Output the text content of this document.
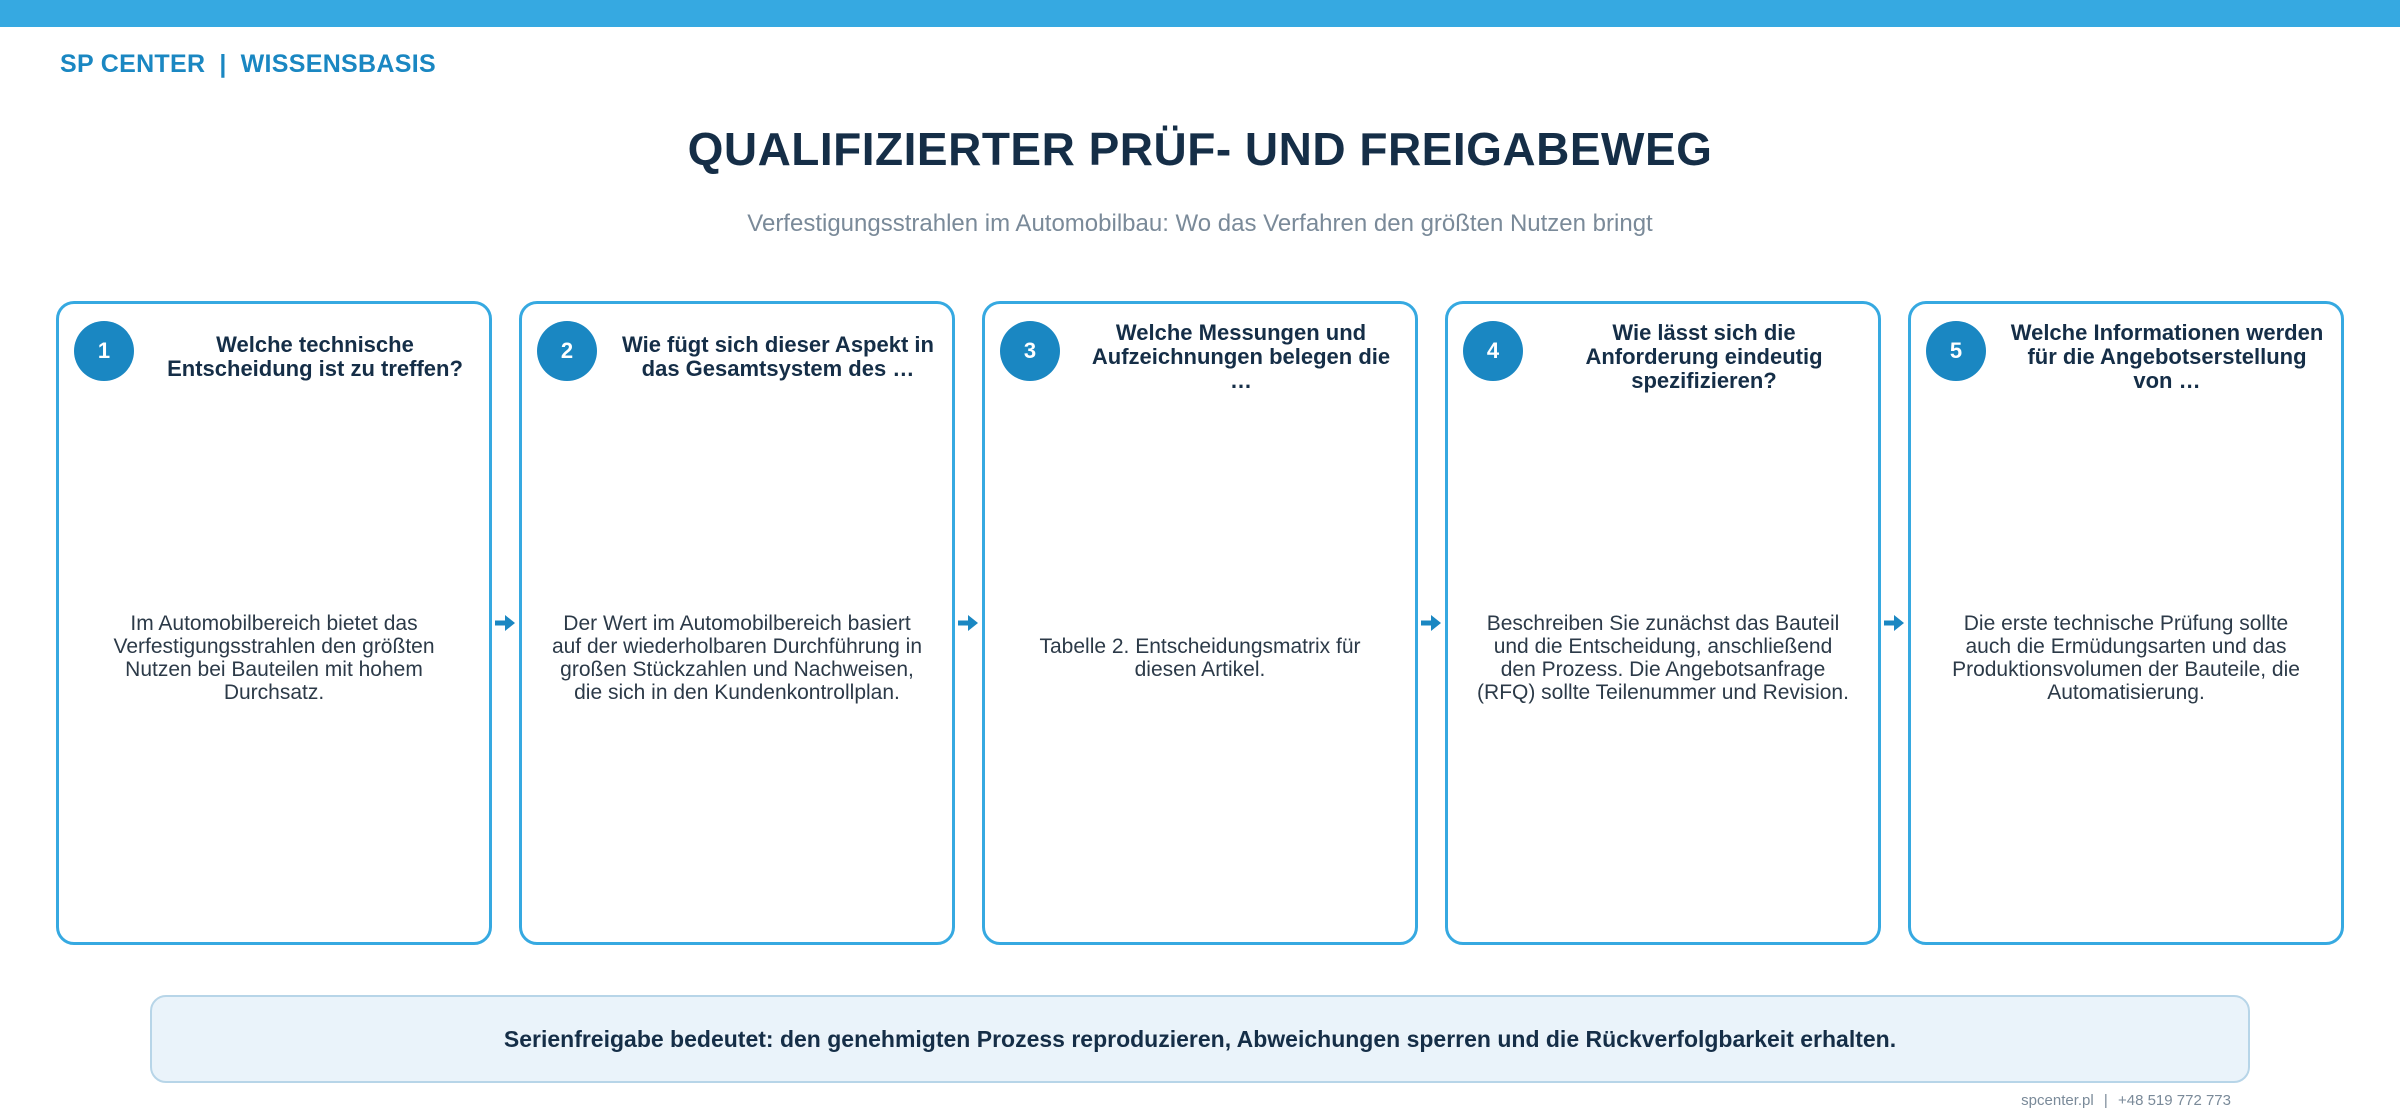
SP CENTER | WISSENSBASIS
QUALIFIZIERTER PRÜF- UND FREIGABEWEG
Verfestigungsstrahlen im Automobilbau: Wo das Verfahren den größten Nutzen bringt
1	Welche technische Entscheidung ist zu treffen?
Im Automobilbereich bietet das Verfestigungsstrahlen den größten Nutzen bei Bauteilen mit hohem Durchsatz.
2	Wie fügt sich dieser Aspekt in das Gesamtsystem des …
Der Wert im Automobilbereich basiert auf der wiederholbaren Durchführung in großen Stückzahlen und Nachweisen, die sich in den Kundenkontrollplan.
3
Welche Messungen und Aufzeichnungen belegen die …
Tabelle 2. Entscheidungsmatrix für diesen Artikel.
4
Wie lässt sich die Anforderung eindeutig spezifizieren?
Beschreiben Sie zunächst das Bauteil und die Entscheidung, anschließend den Prozess. Die Angebotsanfrage (RFQ) sollte Teilenummer und Revision.
5
Welche Informationen werden für die Angebotserstellung von …
Die erste technische Prüfung sollte auch die Ermüdungsarten und das Produktionsvolumen der Bauteile, die Automatisierung.
Serienfreigabe bedeutet: den genehmigten Prozess reproduzieren, Abweichungen sperren und die Rückverfolgbarkeit erhalten.
spcenter.pl | +48 519 772 773
